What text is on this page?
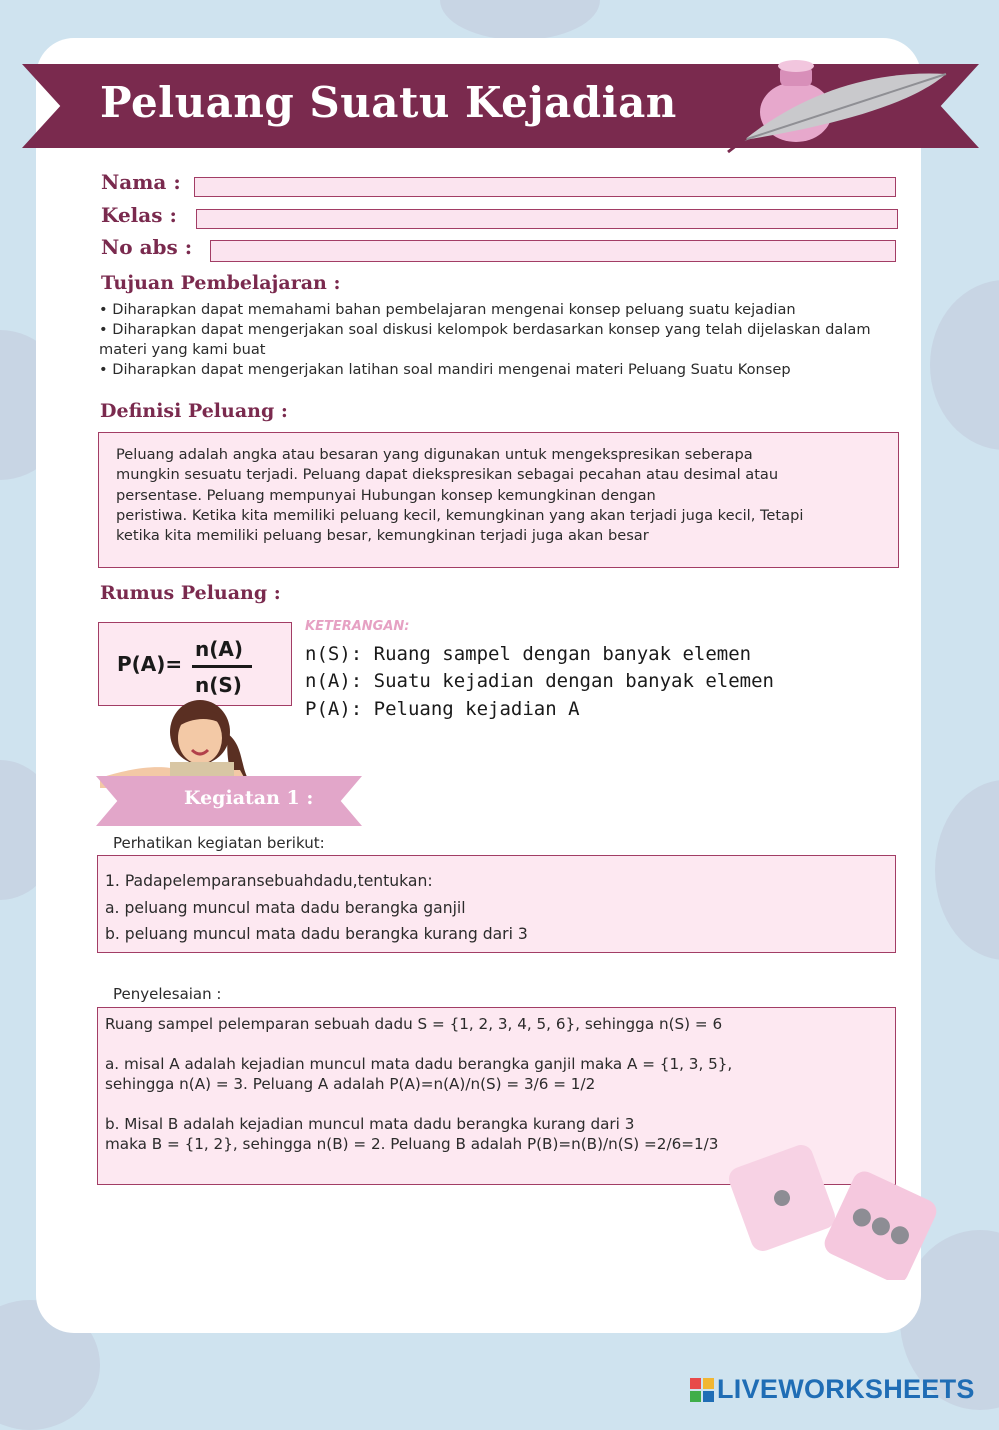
Peluang Suatu Kejadian
Nama :
Kelas :
No abs :
Tujuan Pembelajaran :
• Diharapkan dapat memahami bahan pembelajaran mengenai konsep peluang suatu kejadian
• Diharapkan dapat mengerjakan soal diskusi kelompok berdasarkan konsep yang telah dijelaskan dalam materi yang kami buat
• Diharapkan dapat mengerjakan latihan soal mandiri mengenai materi Peluang Suatu Konsep
Definisi Peluang :
Peluang adalah angka atau besaran yang digunakan untuk mengekspresikan seberapa
mungkin sesuatu terjadi. Peluang dapat diekspresikan sebagai pecahan atau desimal atau
persentase. Peluang mempunyai Hubungan konsep kemungkinan dengan
peristiwa. Ketika kita memiliki peluang kecil, kemungkinan yang akan terjadi juga kecil, Tetapi
ketika kita memiliki peluang besar, kemungkinan terjadi juga akan besar
Rumus Peluang :
P(A)=
n(A)
n(S)
KETERANGAN:
n(S): Ruang sampel dengan banyak elemen
n(A): Suatu kejadian dengan banyak elemen
P(A): Peluang kejadian A
Kegiatan 1 :
Perhatikan kegiatan berikut:
1. Padapelemparansebuahdadu,tentukan:
a. peluang muncul mata dadu berangka ganjil
b. peluang muncul mata dadu berangka kurang dari 3
Penyelesaian :
Ruang sampel pelemparan sebuah dadu S = {1, 2, 3, 4, 5, 6}, sehingga n(S) = 6
a. misal A adalah kejadian muncul mata dadu berangka ganjil maka A = {1, 3, 5},
sehingga n(A) = 3. Peluang A adalah P(A)=n(A)/n(S) = 3/6 = 1/2
b. Misal B adalah kejadian muncul mata dadu berangka kurang dari 3
maka B = {1, 2}, sehingga n(B) = 2. Peluang B adalah P(B)=n(B)/n(S) =2/6=1/3
LIVEWORKSHEETS
